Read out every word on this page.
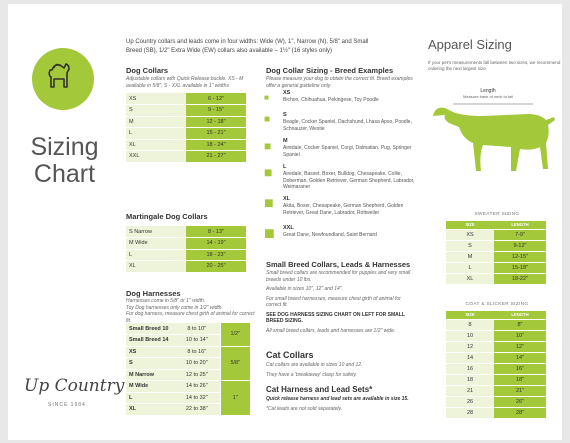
Sizing Chart
Up Country
SINCE 1984
Up Country collars and leads come in four widths: Wide (W), 1", Narrow (N), 5/8" and Small Breed (SB), 1/2" Extra Wide (EW) collars also available – 1½" (16 styles only)
Dog Collars
Adjustable collars with Quick Release buckle. XS - M available in 5/8", S - XXL available in 1" widths
XS	6 - 12"
S	9 - 15"
M	12 - 18"
L	15 - 21"
XL	18 - 24"
XXL	21 - 27"
Martingale Dog Collars
S Narrow	8 - 13"
M Wide	14 - 19"
L	18 - 23"
XL	20 - 25"
Dog Harnesses
Harnesses come in 5/8" or 1" width.
Toy Dog harnesses only come in 1/2" width.
For dog harness, measure chest girth of animal for correct fit.
Small Breed 10	8 to 10"	1/2"
Small Breed 14	10 to 14"	
XS	8 to 16"	5/8"
S	10 to 20"	
M Narrow	12 to 25"	
M Wide	14 to 26"	1"
L	14 to 32"	
XL	22 to 38"	
Dog Collar Sizing - Breed Examples
Please measure your dog to obtain the correct fit. Breed examples offer a general guideline only.
■	XS
Bichon, Chihuahua, Pekingese, Toy Poodle
■ S
Beagle, Cocker Spaniel, Dachshund, Lhasa Apso, Poodle, Schnauzer, Westie
■ M
Airedale, Cocker Spaniel, Corgi, Dalmatian, Pug, Springer Spaniel
■ L
Airedale, Basset, Boxer, Bulldog, Chesapeake, Collie, Doberman, Golden Retriever, German Shepherd, Labrador, Weimaraner
■ XL
Akita, Boxer, Chesapeake, German Shepherd, Golden Retriever, Great Dane, Labrador, Rottweiler
■ XXL
Great Dane, Newfoundland, Saint Bernard
Small Breed Collars, Leads & Harnesses
Small breed collars are recommended for puppies and very small breeds under 10 lbs.
Available in sizes 10", 12" and 14".
For small breed harnesses, measure chest girth of animal for correct fit.
SEE DOG HARNESS SIZING CHART ON LEFT FOR SMALL BREED SIZING.
All small breed collars, leads and harnesses are 1/2" wide.
Cat Collars
Cat collars are available in sizes 10 and 12.
They have a 'breakaway' clasp for safety.
Cat Harness and Lead Sets*
Quick release harness and lead sets are available in size 15.
*Cat leads are not sold separately.
Apparel Sizing
If your pet's measurements fall between two sizes, we recommend ordering the next largest size.
Length
Measure base of neck to tail
SWEATER SIZING
SIZE	LENGTH
XS	7-9"
S	9-12"
M	12-15"
L	15-18"
XL	18-22"
COAT & SLICKER SIZING
SIZE	LENGTH
8	8"
10	10"
12	12"
14	14"
16	16"
18	18"
21	21"
26	26"
28	28"
